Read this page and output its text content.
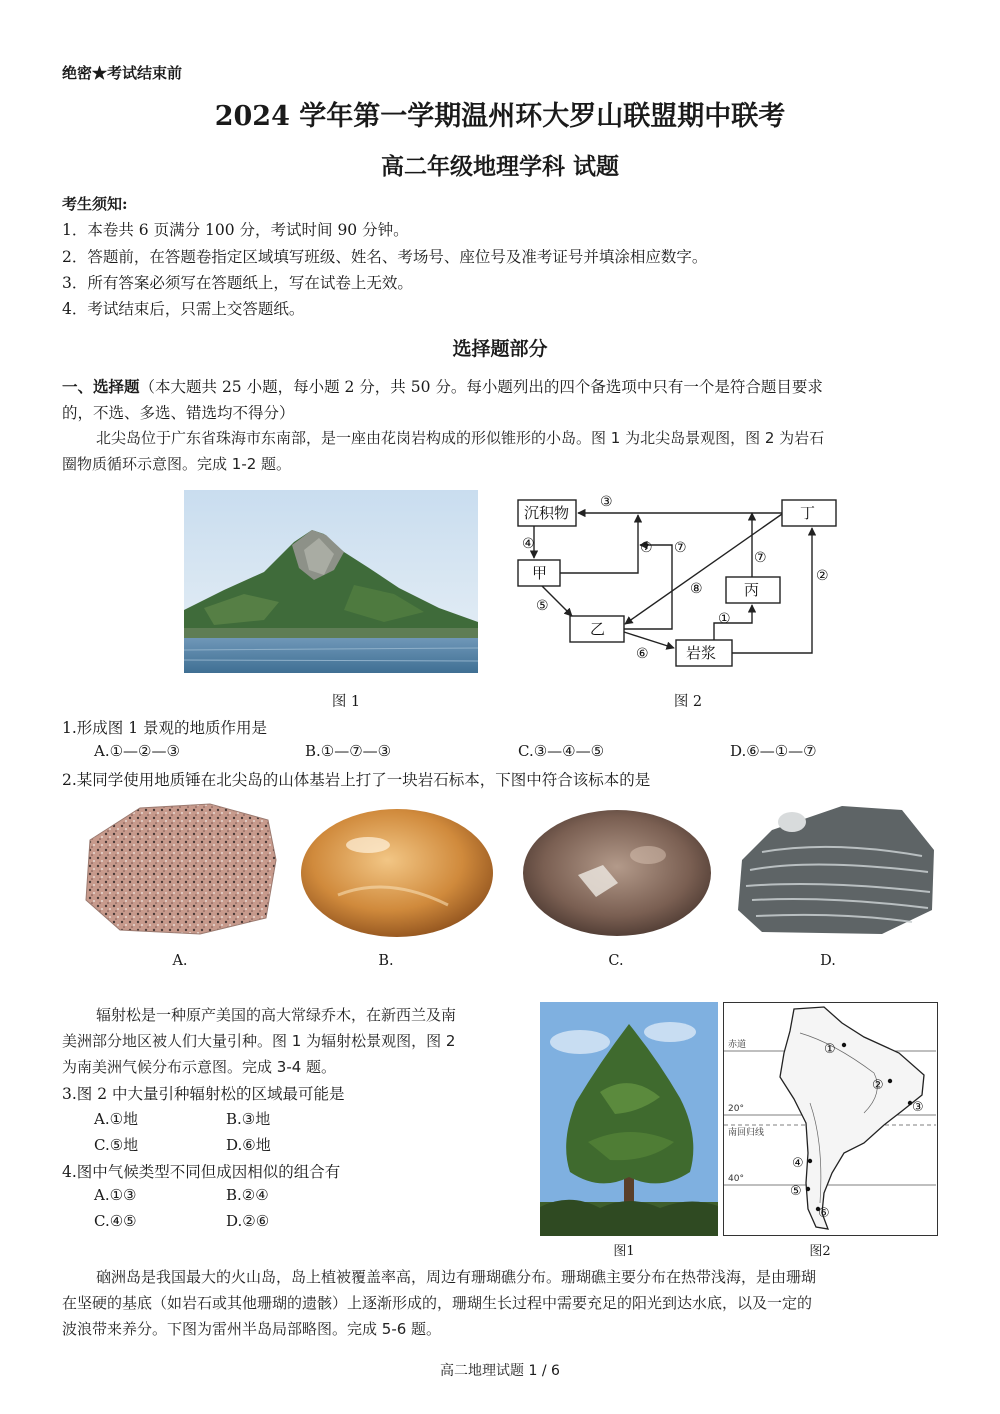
绝密★考试结束前
2024 学年第一学期温州环大罗山联盟期中联考
高二年级地理学科 试题
考生须知:
1．本卷共 6 页满分 100 分，考试时间 90 分钟。
2．答题前，在答题卷指定区域填写班级、姓名、考场号、座位号及准考证号并填涂相应数字。
3．所有答案必须写在答题纸上，写在试卷上无效。
4．考试结束后，只需上交答题纸。
选择题部分
一、选择题（本大题共 25 小题，每小题 2 分，共 50 分。每小题列出的四个备选项中只有一个是符合题目要求
的，不选、多选、错选均不得分）
北尖岛位于广东省珠海市东南部，是一座由花岗岩构成的形似锥形的小岛。图 1 为北尖岛景观图，图 2 为岩石
圈物质循环示意图。完成 1-2 题。
图 1
沉积物
甲
乙
丙
丁
岩浆
③
④
⑤
⑥
⑦ ⑦
⑧
⑦
①
②
图 2
1.形成图 1 景观的地质作用是
A.①—②—③	B.①—⑦—③	C.③—④—⑤	D.⑥—①—⑦
2.某同学使用地质锤在北尖岛的山体基岩上打了一块岩石标本，下图中符合该标本的是
A.	B.	C.	D.
辐射松是一种原产美国的高大常绿乔木，在新西兰及南
美洲部分地区被人们大量引种。图 1 为辐射松景观图，图 2
为南美洲气候分布示意图。完成 3-4 题。
3.图 2 中大量引种辐射松的区域最可能是
A.①地	B.③地
C.⑤地	D.⑥地
4.图中气候类型不同但成因相似的组合有
A.①③	B.②④
C.④⑤	D.②⑥
图1
赤道
20°
南回归线
40°
①
②
③
④
⑤
⑥
图2
硇洲岛是我国最大的火山岛，岛上植被覆盖率高，周边有珊瑚礁分布。珊瑚礁主要分布在热带浅海，是由珊瑚
在坚硬的基底（如岩石或其他珊瑚的遗骸）上逐渐形成的，珊瑚生长过程中需要充足的阳光到达水底，以及一定的
波浪带来养分。下图为雷州半岛局部略图。完成 5-6 题。
高二地理试题 1 / 6
